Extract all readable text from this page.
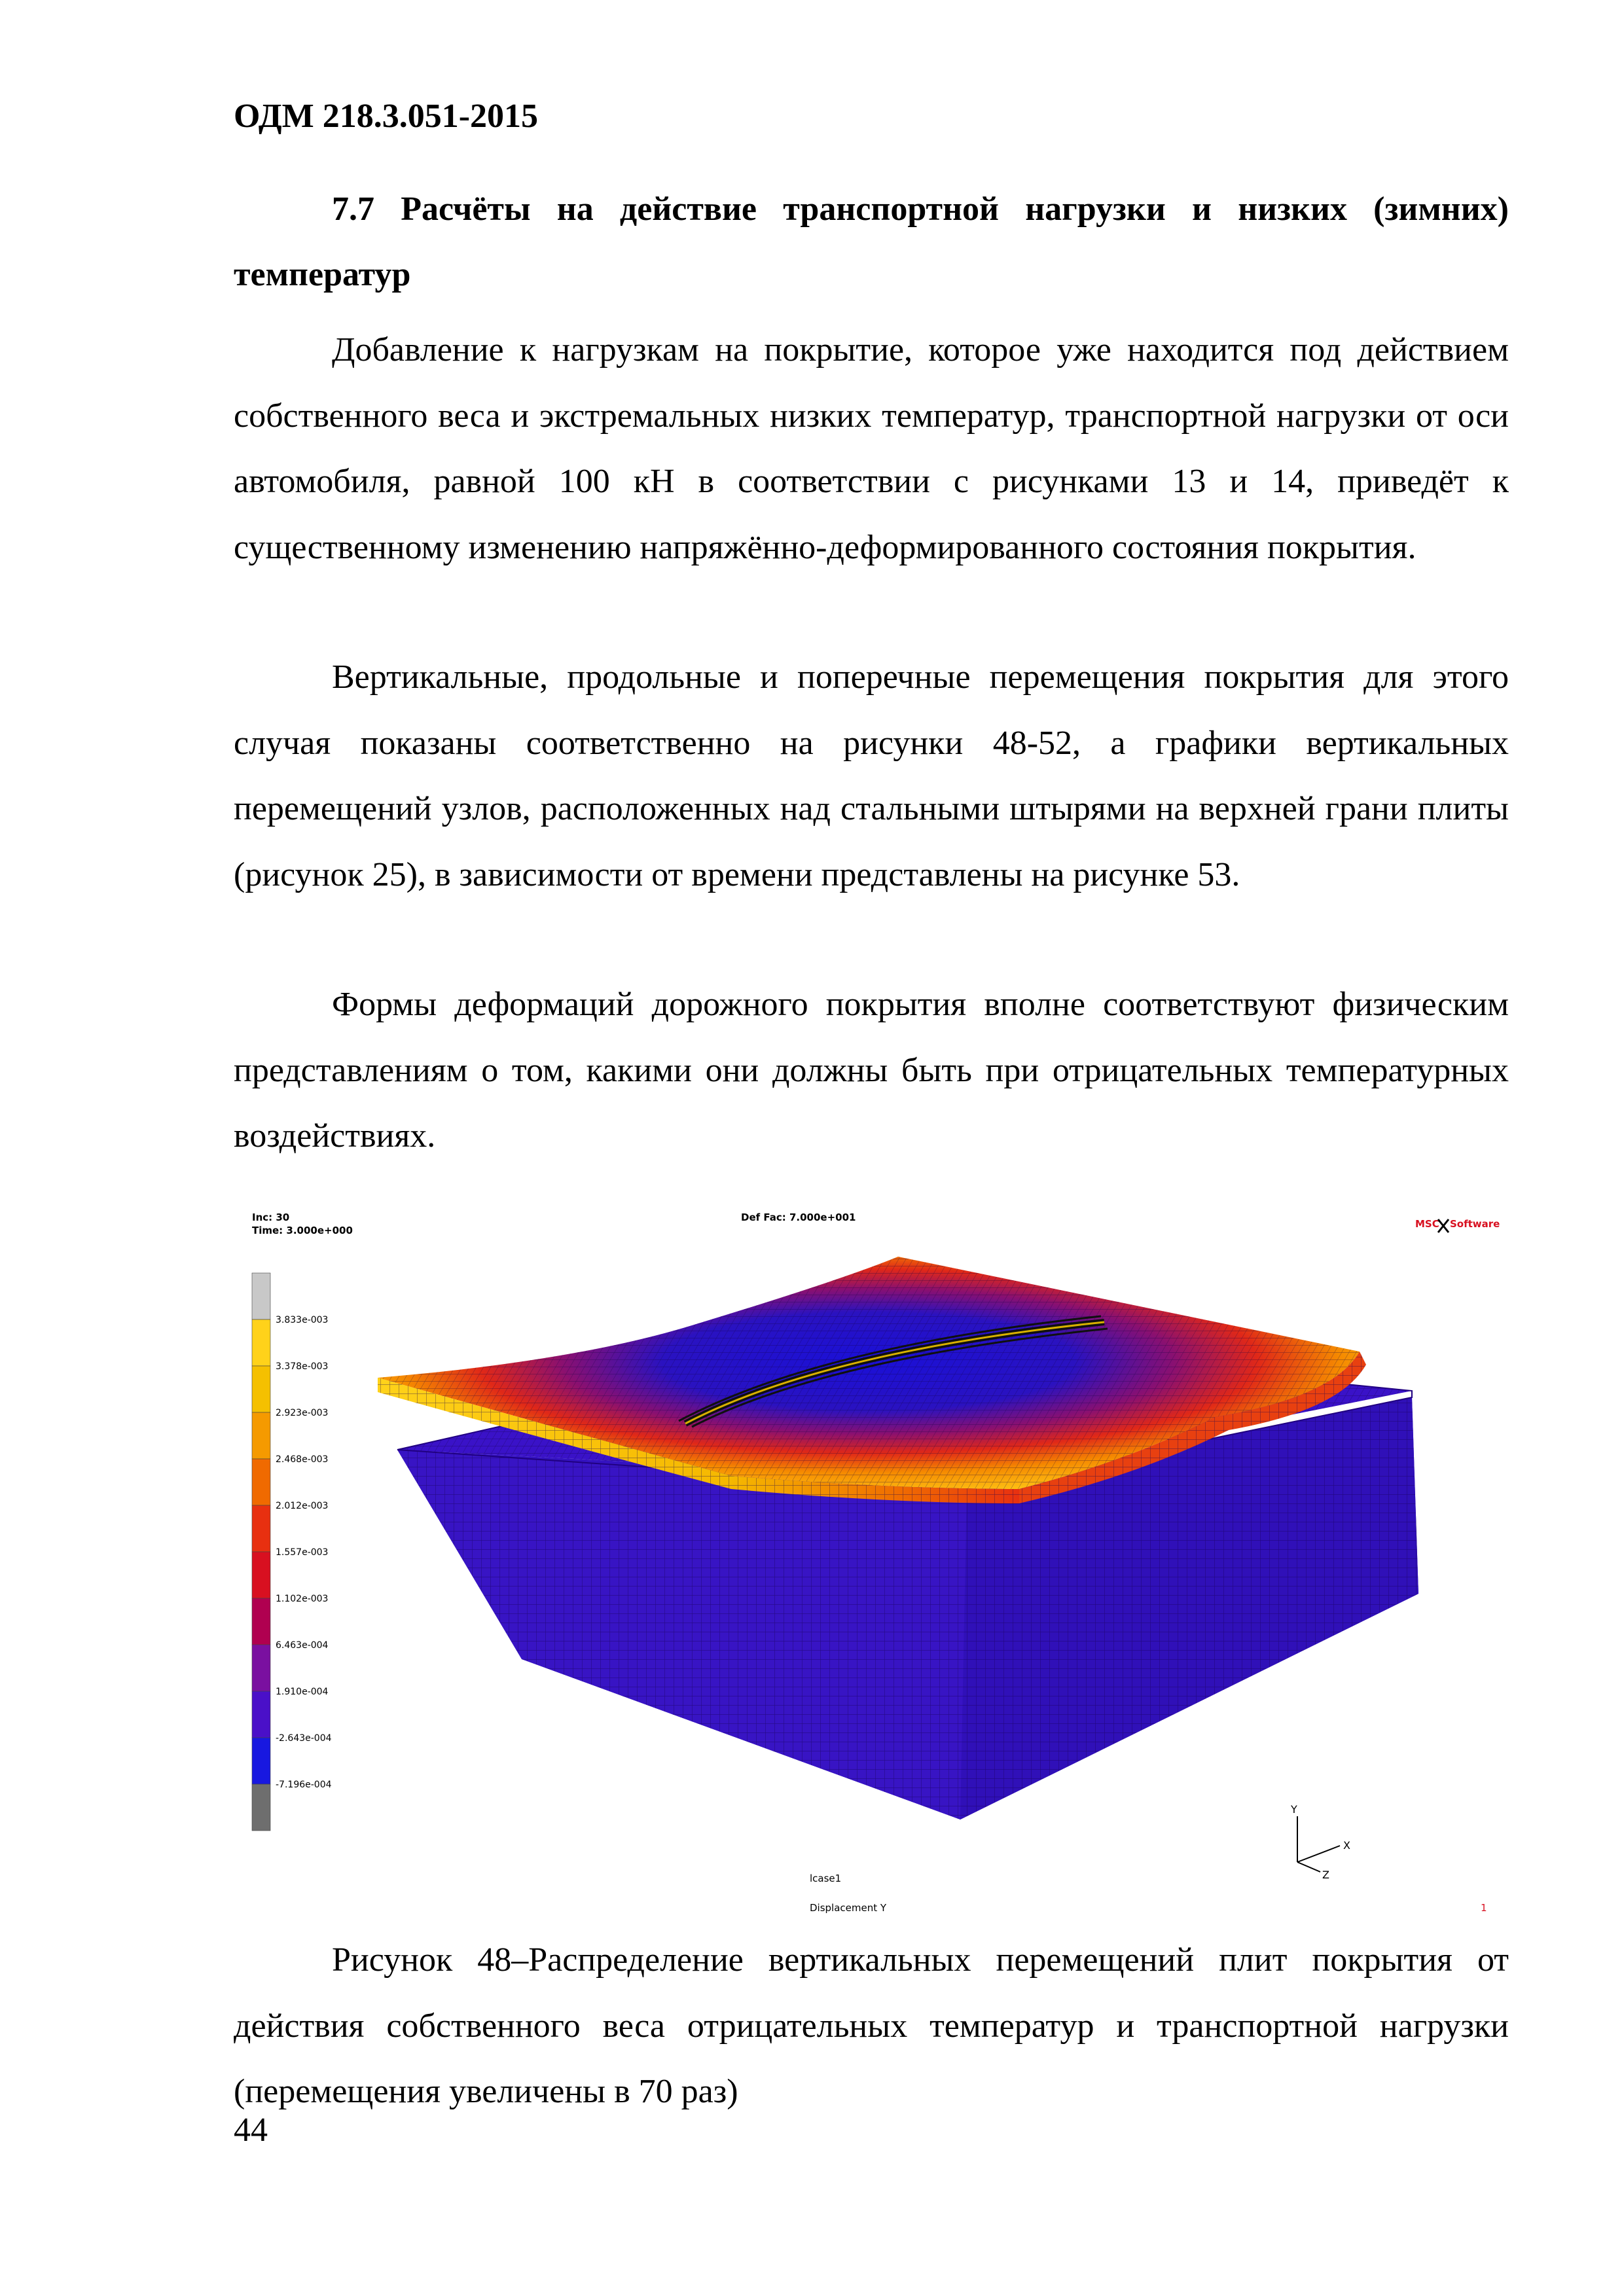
ОДМ 218.3.051-2015

7.7 Расчёты на действие транспортной нагрузки и низких (зимних) температур

Добавление к нагрузкам на покрытие, которое уже находится под действием собственного веса и экстремальных низких температур, транспортной нагрузки от оси автомобиля, равной 100 кН в соответствии с рисунками 13 и 14, приведёт к существенному изменению напряжённо-деформированного состояния покрытия.

Вертикальные, продольные и поперечные перемещения покрытия для этого случая показаны соответственно на рисунки 48-52, а графики вертикальных перемещений узлов, расположенных над стальными штырями на верхней грани плиты (рисунок 25), в зависимости от времени представлены на рисунке 53.

Формы деформаций дорожного покрытия вполне соответствуют физическим представлениям о том, какими они должны быть при отрицательных температурных воздействиях.

Inc: 30
Time: 3.000e+000
Def Fac: 7.000e+001
MSC Software
3.833e-003
3.378e-003
2.923e-003
2.468e-003
2.012e-003
1.557e-003
1.102e-003
6.463e-004
1.910e-004
-2.643e-004
-7.196e-004
Y
X
Z
lcase1
Displacement Y	1

Рисунок 48–Распределение вертикальных перемещений плит покрытия от действия собственного веса отрицательных температур и транспортной нагрузки (перемещения увеличены в 70 раз)

44
